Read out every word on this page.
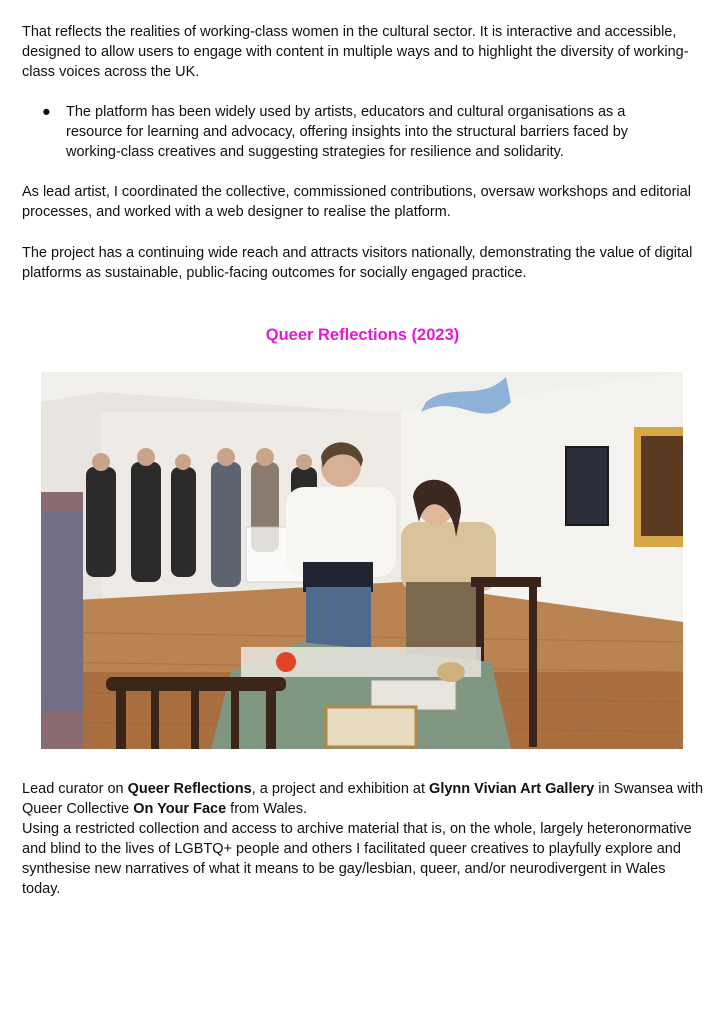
That reflects the realities of working-class women in the cultural sector. It is interactive and accessible, designed to allow users to engage with content in multiple ways and to highlight the diversity of working-class voices across the UK.

● The platform has been widely used by artists, educators and cultural organisations as a resource for learning and advocacy, offering insights into the structural barriers faced by working-class creatives and suggesting strategies for resilience and solidarity.

As lead artist, I coordinated the collective, commissioned contributions, oversaw workshops and editorial processes, and worked with a web designer to realise the platform.

The project has a continuing wide reach and attracts visitors nationally, demonstrating the value of digital platforms as sustainable, public-facing outcomes for socially engaged practice.

Queer Reflections (2023)

Lead curator on Queer Reflections, a project and exhibition at Glynn Vivian Art Gallery in Swansea with Queer Collective On Your Face from Wales.

Using a restricted collection and access to archive material that is, on the whole, largely heteronormative and blind to the lives of LGBTQ+ people and others I facilitated queer creatives to playfully explore and synthesise new narratives of what it means to be gay/lesbian, queer, and/or neurodivergent in Wales today.
